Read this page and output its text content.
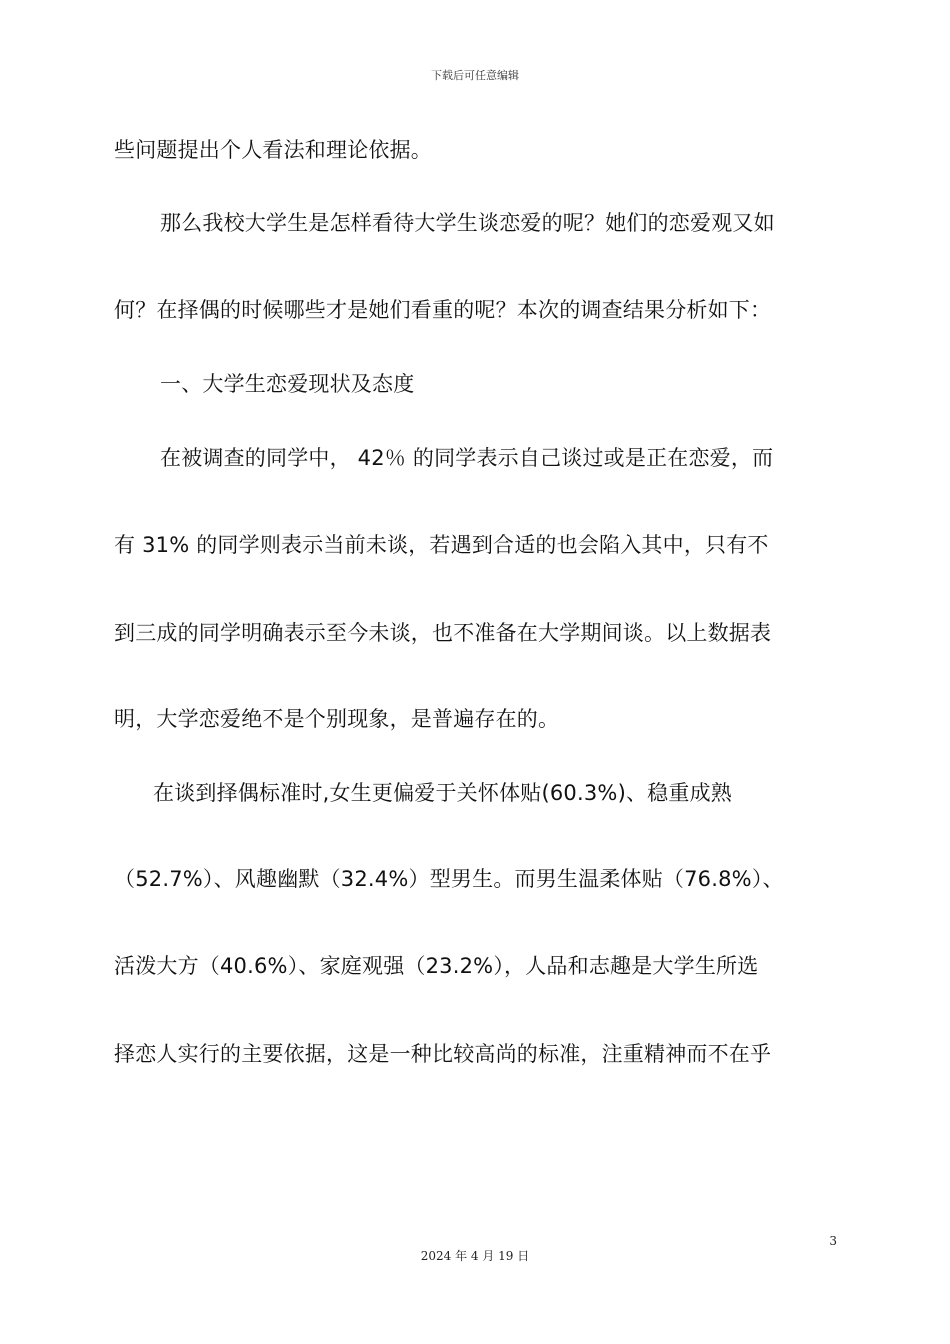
下载后可任意编辑
些问题提出个人看法和理论依据。
那么我校大学生是怎样看待大学生谈恋爱的呢？她们的恋爱观又如
何？在择偶的时候哪些才是她们看重的呢？本次的调查结果分析如下：
一、大学生恋爱现状及态度
在被调查的同学中， 42％ 的同学表示自己谈过或是正在恋爱，而
有 31% 的同学则表示当前未谈，若遇到合适的也会陷入其中，只有不
到三成的同学明确表示至今未谈，也不准备在大学期间谈。以上数据表
明，大学恋爱绝不是个别现象，是普遍存在的。
在谈到择偶标准时,女生更偏爱于关怀体贴(60.3%)、稳重成熟
（52.7%）、风趣幽默（32.4%）型男生。而男生温柔体贴（76.8%）、
活泼大方（40.6%）、家庭观强（23.2%），人品和志趣是大学生所选
择恋人实行的主要依据，这是一种比较高尚的标准，注重精神而不在乎
3
2024 年 4 月 19 日
